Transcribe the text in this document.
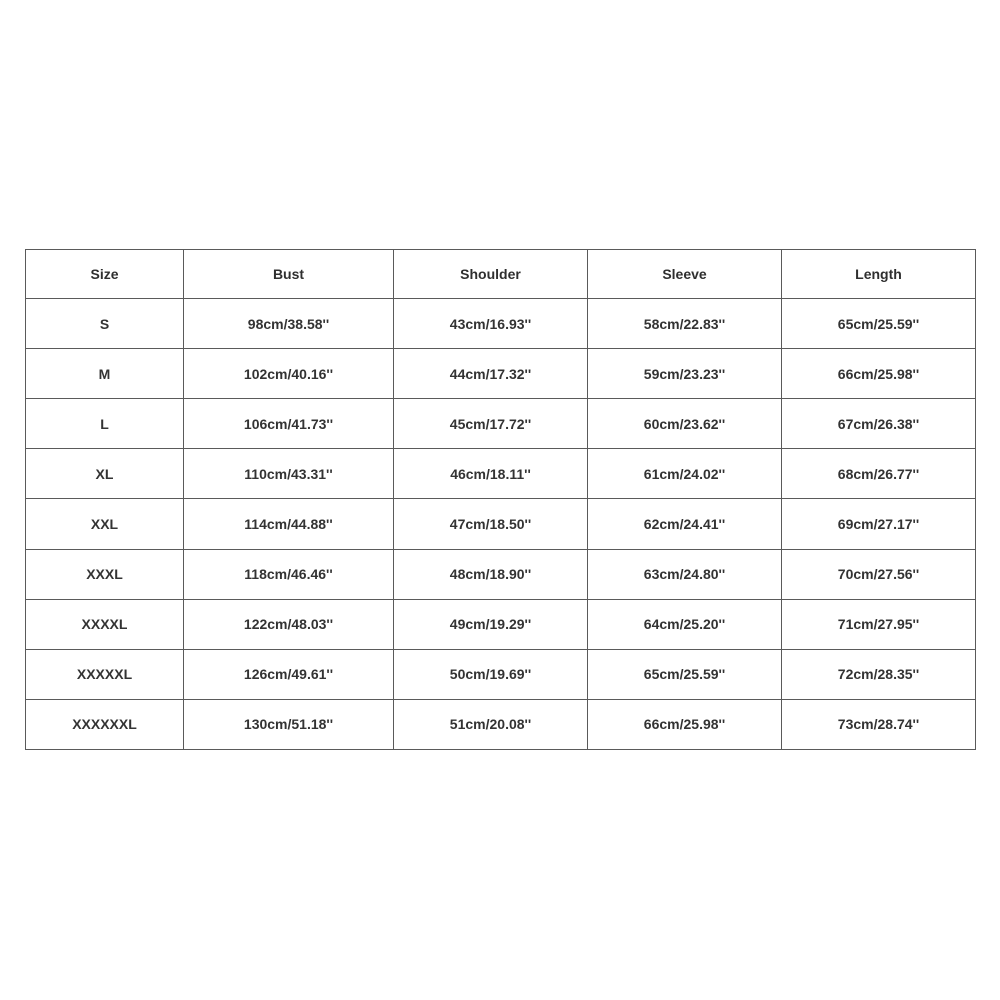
Size	Bust	Shoulder	Sleeve	Length
S	98cm/38.58''	43cm/16.93''	58cm/22.83''	65cm/25.59''
M	102cm/40.16''	44cm/17.32''	59cm/23.23''	66cm/25.98''
L	106cm/41.73''	45cm/17.72''	60cm/23.62''	67cm/26.38''
XL	110cm/43.31''	46cm/18.11''	61cm/24.02''	68cm/26.77''
XXL	114cm/44.88''	47cm/18.50''	62cm/24.41''	69cm/27.17''
XXXL	118cm/46.46''	48cm/18.90''	63cm/24.80''	70cm/27.56''
XXXXL	122cm/48.03''	49cm/19.29''	64cm/25.20''	71cm/27.95''
XXXXXL	126cm/49.61''	50cm/19.69''	65cm/25.59''	72cm/28.35''
XXXXXXL	130cm/51.18''	51cm/20.08''	66cm/25.98''	73cm/28.74''
